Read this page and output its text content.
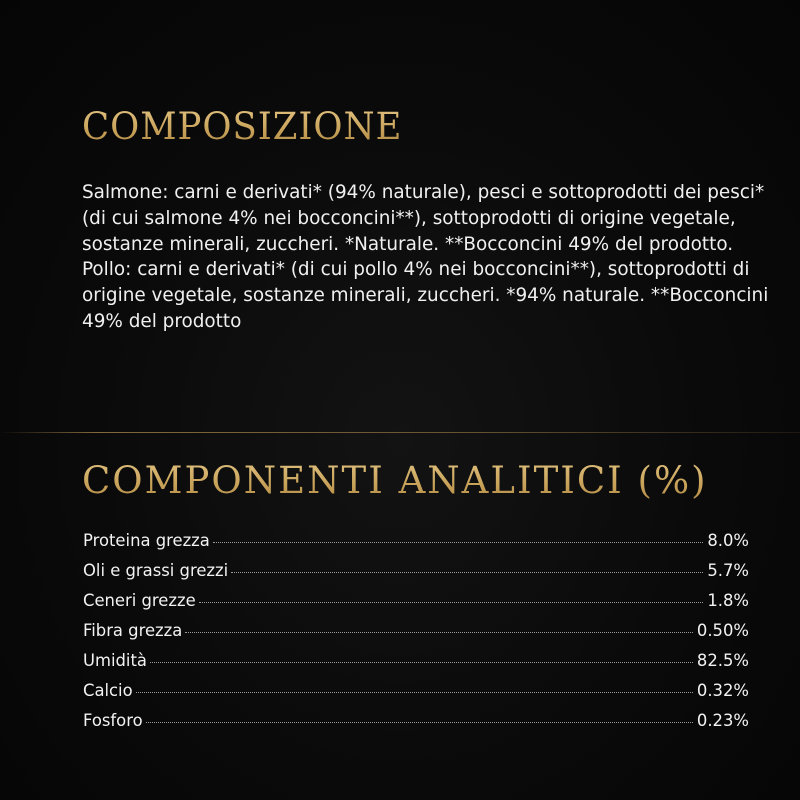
COMPOSIZIONE

Salmone: carni e derivati* (94% naturale), pesci e sottoprodotti dei pesci* (di cui salmone 4% nei bocconcini**), sottoprodotti di origine vegetale, sostanze minerali, zuccheri. *Naturale. **Bocconcini 49% del prodotto. Pollo: carni e derivati* (di cui pollo 4% nei bocconcini**), sottoprodotti di origine vegetale, sostanze minerali, zuccheri. *94% naturale. **Bocconcini 49% del prodotto

COMPONENTI ANALITICI (%)
Proteina grezza	8.0%
Oli e grassi grezzi	5.7%
Ceneri grezze	1.8%
Fibra grezza	0.50%
Umidità	82.5%
Calcio	0.32%
Fosforo	0.23%
